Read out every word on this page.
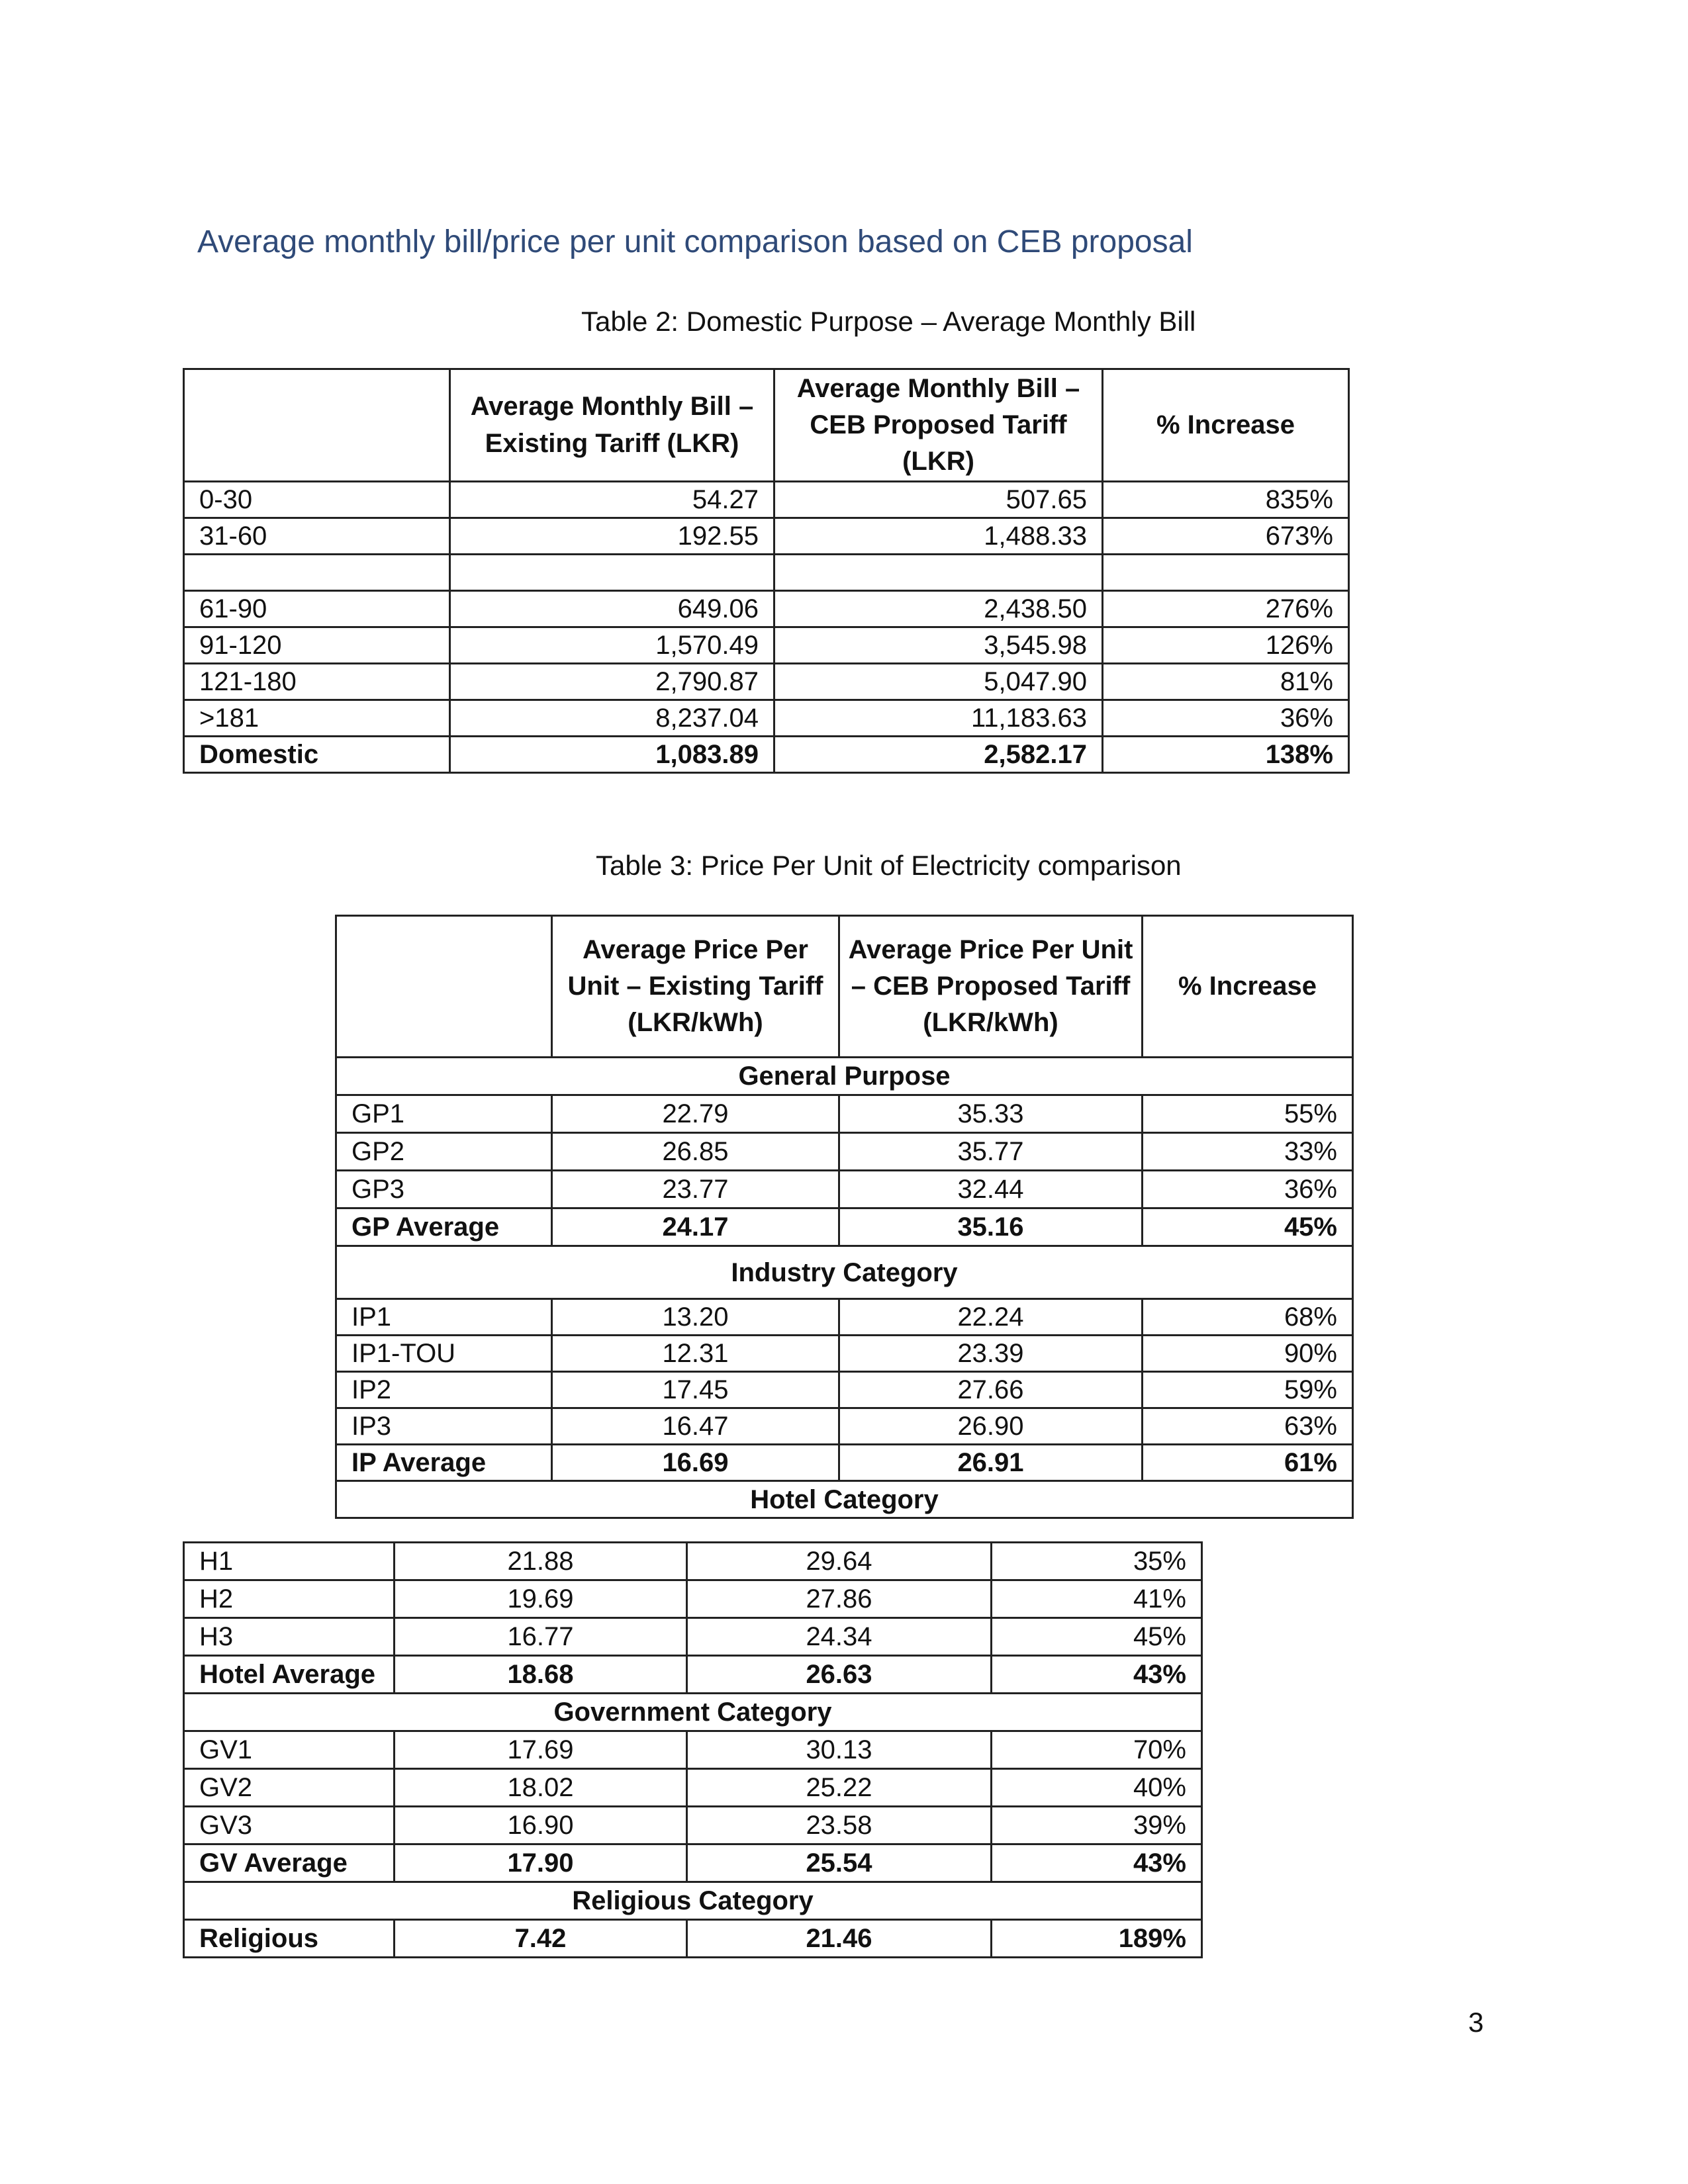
Average monthly bill/price per unit comparison based on CEB proposal
Table 2: Domestic Purpose – Average Monthly Bill
	Average Monthly Bill – Existing Tariff (LKR)	Average Monthly Bill – CEB Proposed Tariff (LKR)	% Increase
0-30	54.27	507.65	835%
31-60	192.55	1,488.33	673%

61-90	649.06	2,438.50	276%
91-120	1,570.49	3,545.98	126%
121-180	2,790.87	5,047.90	81%
>181	8,237.04	11,183.63	36%
Domestic	1,083.89	2,582.17	138%
Table 3: Price Per Unit of Electricity comparison
	Average Price Per Unit – Existing Tariff (LKR/kWh)	Average Price Per Unit – CEB Proposed Tariff (LKR/kWh)	% Increase
General Purpose			
GP1	22.79	35.33	55%
GP2	26.85	35.77	33%
GP3	23.77	32.44	36%
GP Average	24.17	35.16	45%
Industry Category			
IP1	13.20	22.24	68%
IP1-TOU	12.31	23.39	90%
IP2	17.45	27.66	59%
IP3	16.47	26.90	63%
IP Average	16.69	26.91	61%
Hotel Category			
H1	21.88	29.64	35%
H2	19.69	27.86	41%
H3	16.77	24.34	45%
Hotel Average	18.68	26.63	43%
Government Category			
GV1	17.69	30.13	70%
GV2	18.02	25.22	40%
GV3	16.90	23.58	39%
GV Average	17.90	25.54	43%
Religious Category			
Religious	7.42	21.46	189%
3
